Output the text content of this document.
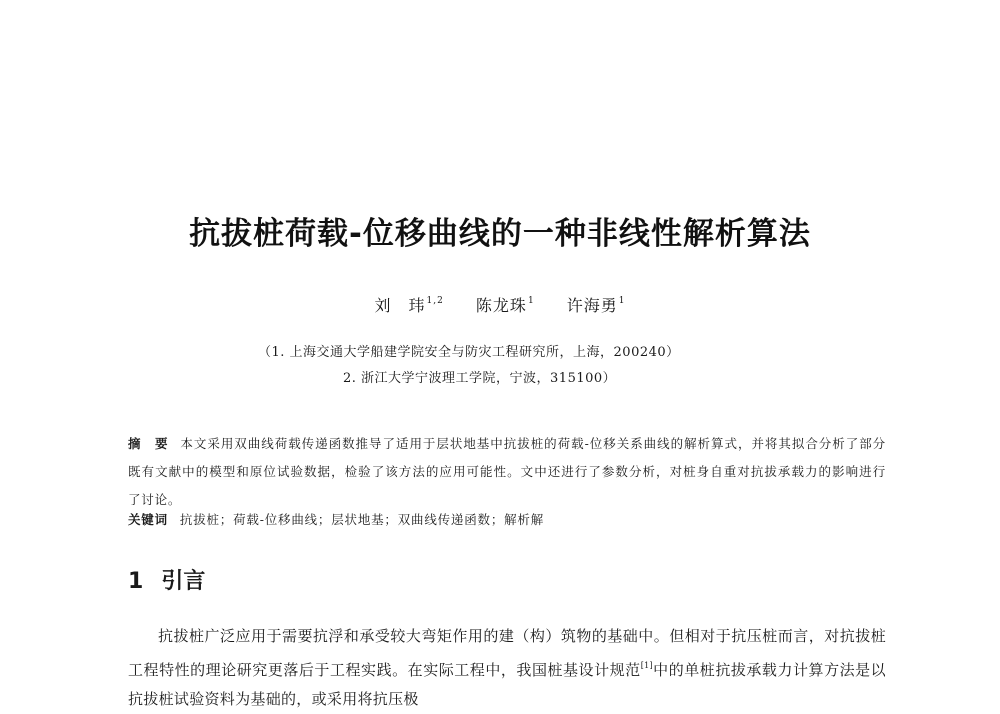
抗拔桩荷载-位移曲线的一种非线性解析算法
刘　玮$^{1,2}$ 陈龙珠$^1$ 许海勇$^1$
（1. 上海交通大学船建学院安全与防灾工程研究所，上海，200240）
2. 浙江大学宁波理工学院，宁波，315100）
摘　要 本文采用双曲线荷载传递函数推导了适用于层状地基中抗拔桩的荷载-位移关系曲线的解析算式，并将其拟合分析了部分既有文献中的模型和原位试验数据，检验了该方法的应用可能性。文中还进行了参数分析，对桩身自重对抗拔承载力的影响进行了讨论。
关键词 抗拔桩；荷载-位移曲线；层状地基；双曲线传递函数；解析解
1 引言

抗拔桩广泛应用于需要抗浮和承受较大弯矩作用的建（构）筑物的基础中。但相对于抗压桩而言，对抗拔桩工程特性的理论研究更落后于工程实践。在实际工程中，我国桩基设计规范[1]中的单桩抗拔承载力计算方法是以抗拔桩试验资料为基础的，或采用将抗压极
